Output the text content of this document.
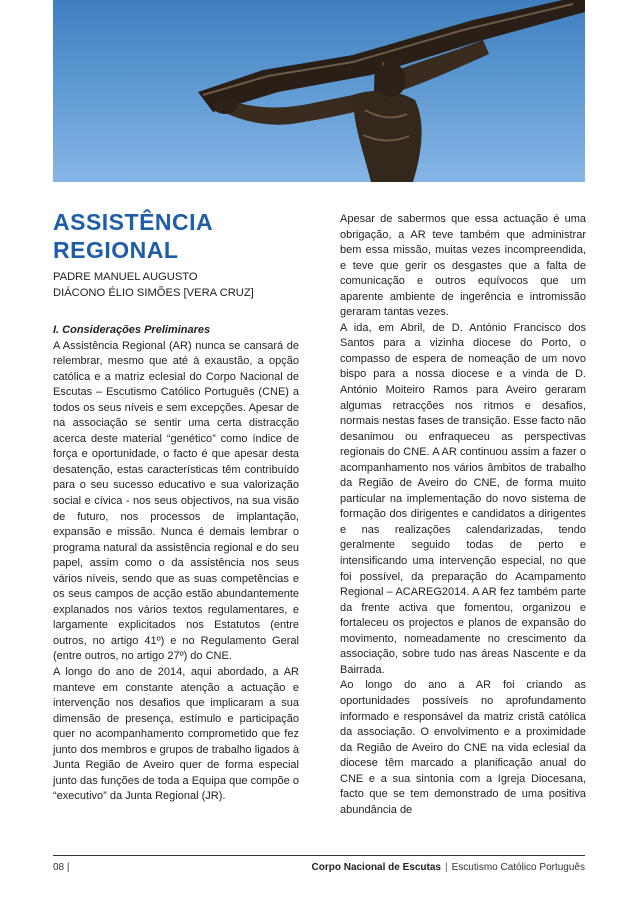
ASSISTÊNCIA
REGIONAL
PADRE MANUEL AUGUSTO
DIÁCONO ÉLIO SIMÕES [VERA CRUZ]

I. Considerações Preliminares

A Assistência Regional (AR) nunca se cansará de relembrar, mesmo que até à exaustão, a opção católica e a matriz eclesial do Corpo Nacional de Escutas – Escutismo Católico Português (CNE) a todos os seus níveis e sem excepções. Apesar de na associação se sentir uma certa distracção acerca deste material “genético” como índice de força e oportunidade, o facto é que apesar desta desatenção, estas características têm contribuído para o seu sucesso educativo e sua valorização social e cívica - nos seus objectivos, na sua visão de futuro, nos processos de implantação, expansão e missão. Nunca é demais lembrar o programa natural da assistência regional e do seu papel, assim como o da assistência nos seus vários níveis, sendo que as suas competências e os seus campos de acção estão abundantemente explanados nos vários textos regulamentares, e largamente explicitados nos Estatutos (entre outros, no artigo 41º) e no Regulamento Geral (entre outros, no artigo 27º) do CNE.

A longo do ano de 2014, aqui abordado, a AR manteve em constante atenção a actuação e intervenção nos desafios que implicaram a sua dimensão de presença, estímulo e participação quer no acompanhamento comprometido que fez junto dos membros e grupos de trabalho ligados à Junta Região de Aveiro quer de forma especial junto das funções de toda a Equipa que compõe o “executivo” da Junta Regional (JR).

Apesar de sabermos que essa actuação é uma obrigação, a AR teve também que administrar bem essa missão, muitas vezes incompreendida, e teve que gerir os desgastes que a falta de comunicação e outros equívocos que um aparente ambiente de ingerência e intromissão geraram tantas vezes.

A ida, em Abril, de D. António Francisco dos Santos para a vizinha diocese do Porto, o compasso de espera de nomeação de um novo bispo para a nossa diocese e a vinda de D. António Moiteiro Ramos para Aveiro geraram algumas retracções nos ritmos e desafios, normais nestas fases de transição. Esse facto não desanimou ou enfraqueceu as perspectivas regionais do CNE. A AR continuou assim a fazer o acompanhamento nos vários âmbitos de trabalho da Região de Aveiro do CNE, de forma muito particular na implementação do novo sistema de formação dos dirigentes e candidatos a dirigentes e nas realizações calendarizadas, tendo geralmente seguido todas de perto e intensificando uma intervenção especial, no que foi possível, da preparação do Acampamento Regional – ACAREG2014. A AR fez também parte da frente activa que fomentou, organizou e fortaleceu os projectos e planos de expansão do movimento, nomeadamente no crescimento da associação, sobre tudo nas áreas Nascente e da Bairrada.

Ao longo do ano a AR foi criando as oportunidades possíveis no aprofundamento informado e responsável da matriz cristã católica da associação. O envolvimento e a proximidade da Região de Aveiro do CNE na vida eclesial da diocese têm marcado a planificação anual do CNE e a sua sintonia com a Igreja Diocesana, facto que se tem demonstrado de uma positiva abundância de

08 |	Corpo Nacional de Escutas | Escutismo Católico Português
